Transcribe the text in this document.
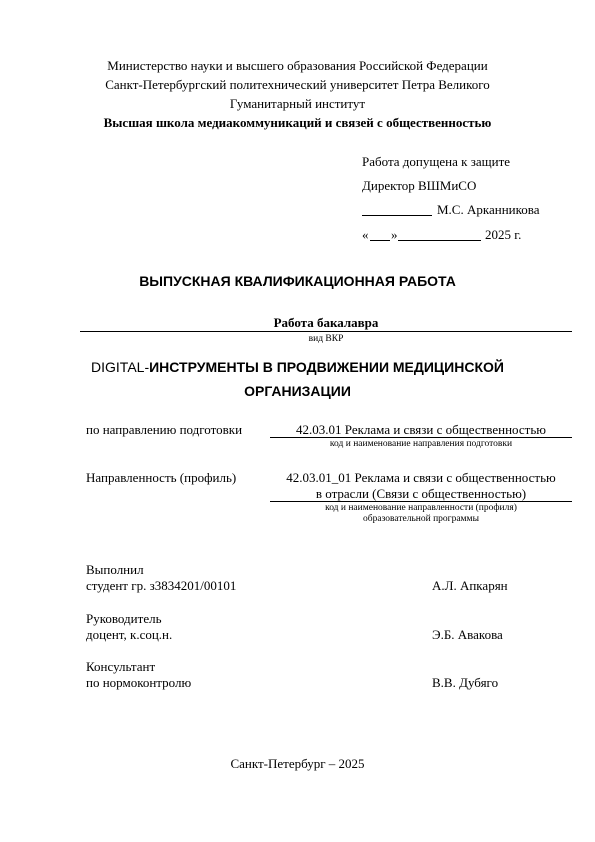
Министерство науки и высшего образования Российской Федерации
Санкт-Петербургский политехнический университет Петра Великого
Гуманитарный институт
Высшая школа медиакоммуникаций и связей с общественностью
Работа допущена к защите
Директор ВШМиСО
М.С. Арканникова
« »	2025 г.
ВЫПУСКНАЯ КВАЛИФИКАЦИОННАЯ РАБОТА
Работа бакалавра
вид ВКР
DIGITAL-ИНСТРУМЕНТЫ В ПРОДВИЖЕНИИ МЕДИЦИНСКОЙ
ОРГАНИЗАЦИИ
по направлению подготовки	42.03.01 Реклама и связи с общественностью
код и наименование направления подготовки
Направленность (профиль)	42.03.01_01 Реклама и связи с общественностью
в отрасли (Связи с общественностью)
код и наименование направленности (профиля)
образовательной программы
Выполнил
студент гр. з3834201/00101	А.Л. Апкарян
Руководитель
доцент, к.соц.н.	Э.Б. Авакова
Консультант
по нормоконтролю	В.В. Дубяго
Санкт-Петербург – 2025
